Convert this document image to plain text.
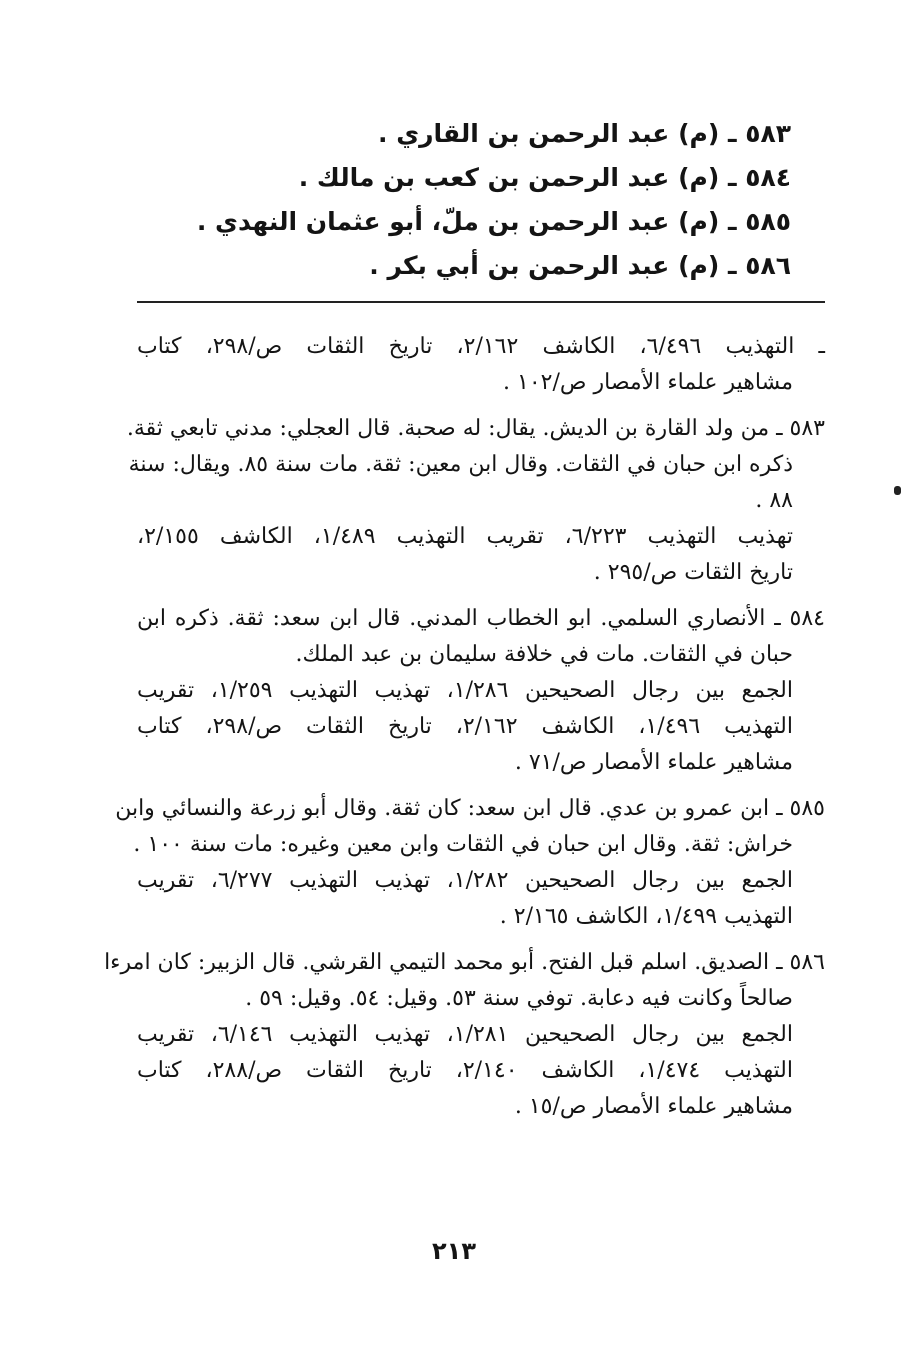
٥٨٣ ـ (م) عبد الرحمن بن القاري .
٥٨٤ ـ (م) عبد الرحمن بن كعب بن مالك .
٥٨٥ ـ (م) عبد الرحمن بن ملّ، أبو عثمان النهدي .
٥٨٦ ـ (م) عبد الرحمن بن أبي بكر .
ـ التهذيب ٦/٤٩٦، الكاشف ٢/١٦٢، تاريخ الثقات ص/٢٩٨، كتاب
مشاهير علماء الأمصار ص/١٠٢ .
٥٨٣ ـ من ولد القارة بن الديش. يقال: له صحبة. قال العجلي: مدني تابعي ثقة.
ذكره ابن حبان في الثقات. وقال ابن معين: ثقة. مات سنة ٨٥. ويقال: سنة
٨٨ .
تهذيب التهذيب ٦/٢٢٣، تقريب التهذيب ١/٤٨٩، الكاشف ٢/١٥٥،
تاريخ الثقات ص/٢٩٥ .
٥٨٤ ـ الأنصاري السلمي. ابو الخطاب المدني. قال ابن سعد: ثقة. ذكره ابن
حبان في الثقات. مات في خلافة سليمان بن عبد الملك.
الجمع بين رجال الصحيحين ١/٢٨٦، تهذيب التهذيب ١/٢٥٩، تقريب
التهذيب ١/٤٩٦، الكاشف ٢/١٦٢، تاريخ الثقات ص/٢٩٨، كتاب
مشاهير علماء الأمصار ص/٧١ .
٥٨٥ ـ ابن عمرو بن عدي. قال ابن سعد: كان ثقة. وقال أبو زرعة والنسائي وابن
خراش: ثقة. وقال ابن حبان في الثقات وابن معين وغيره: مات سنة ١٠٠ .
الجمع بين رجال الصحيحين ١/٢٨٢، تهذيب التهذيب ٦/٢٧٧، تقريب
التهذيب ١/٤٩٩، الكاشف ٢/١٦٥ .
٥٨٦ ـ الصديق. اسلم قبل الفتح. أبو محمد التيمي القرشي. قال الزبير: كان امرءا
صالحاً وكانت فيه دعابة. توفي سنة ٥٣. وقيل: ٥٤. وقيل: ٥٩ .
الجمع بين رجال الصحيحين ١/٢٨١، تهذيب التهذيب ٦/١٤٦، تقريب
التهذيب ١/٤٧٤، الكاشف ٢/١٤٠، تاريخ الثقات ص/٢٨٨، كتاب
مشاهير علماء الأمصار ص/١٥ .
٢١٣
